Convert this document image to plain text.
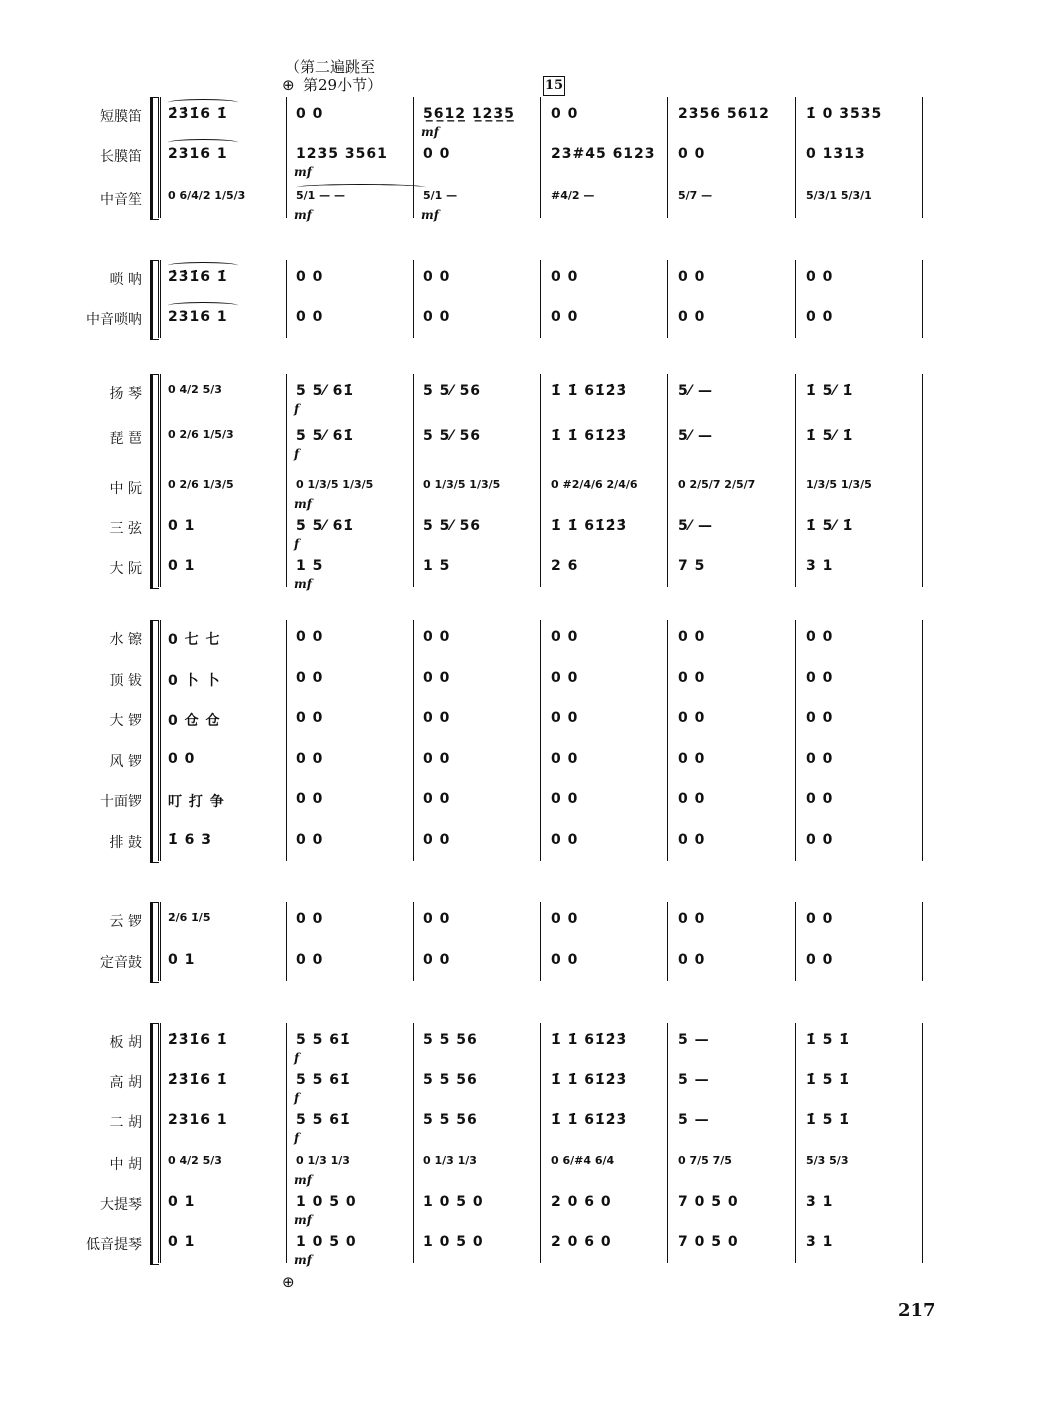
（第二遍跳至
第29小节）
⊕	15
短膜笛 2̇3̇1̇6 1̇	0 0	5̲6̲1̲2̲ 1̲2̲3̲5̲
mf
0 0	2356 5612	1̇ 0 3535
长膜笛 2316 1	1235 3561
mf
0 0	23#45 6123 0 0	0 1313
中音笙 0 6/4/2 1/5/3	5/1 — —
mf
5/1 —
mf
#4/2 —	5/7 —	5/3/1 5/3/1
唢 呐 2̇3̇1̇6 1̇	0 0	0 0	0 0	0 0	0 0
中音唢呐 2316 1	0 0	0 0	0 0	0 0	0 0
扬 琴 0 4/2 5/3	5 5⁄ 61̇
f
5 5⁄ 56	1̇ 1̇ 61̇2̇3̇	5⁄ —	1̇ 5⁄ 1̇
琵 琶 0 2/6 1/5/3	5 5⁄ 61̇
f
5 5⁄ 56	1̇ 1̇ 61̇2̇3̇	5⁄ —	1̇ 5⁄ 1̇
中 阮 0 2/6 1/3/5	0 1/3/5 1/3/5
mf
0 1/3/5 1/3/5	0 #2/4/6 2/4/6	0 2/5/7 2/5/7	1/3/5 1/3/5
三 弦 0 1	5 5⁄ 61̇
f
5 5⁄ 56	1̇ 1̇ 61̇2̇3̇	5⁄ —	1̇ 5⁄ 1̇
大 阮 0 1	1 5
mf
1 5	2 6	7 5	3 1
水 镲 0 七 七	0 0	0 0	0 0	0 0	0 0
顶 钹 0 卜 卜	0 0	0 0	0 0	0 0	0 0
大 锣 0 仓 仓	0 0	0 0	0 0	0 0	0 0
风 锣 0 0	0 0	0 0	0 0	0 0	0 0
十面锣 叮 打 争	0 0	0 0	0 0	0 0	0 0
排 鼓 1̇ 6 3	0 0	0 0	0 0	0 0	0 0
云 锣 2̇/6 1̇/5	0 0	0 0	0 0	0 0	0 0
定音鼓 0 1	0 0	0 0	0 0	0 0	0 0
板 胡 2̇3̇1̇6 1̇	5 5 61̇
f
5 5 56	1̇ 1̇ 61̇2̇3̇	5 —	1̇ 5 1̇
高 胡 2̇3̇1̇6 1̇	5 5 61̇
f
5 5 56	1̇ 1̇ 61̇2̇3̇	5 —	1̇ 5 1̇
二 胡 2316 1	5 5 61̇
f
5 5 56	1̇ 1̇ 61̇2̇3̇	5 —	1̇ 5 1̇
中 胡 0 4/2 5/3	0 1/3 1/3
mf
0 1/3 1/3	0 6/#4 6/4	0 7/5 7/5	5/3 5/3
大提琴 0 1	1 0 5 0
mf
1 0 5 0	2 0 6 0	7 0 5 0	3 1
低音提琴 0 1	1 0 5 0
mf
1 0 5 0	2 0 6 0	7 0 5 0	3 1
⊕
217
